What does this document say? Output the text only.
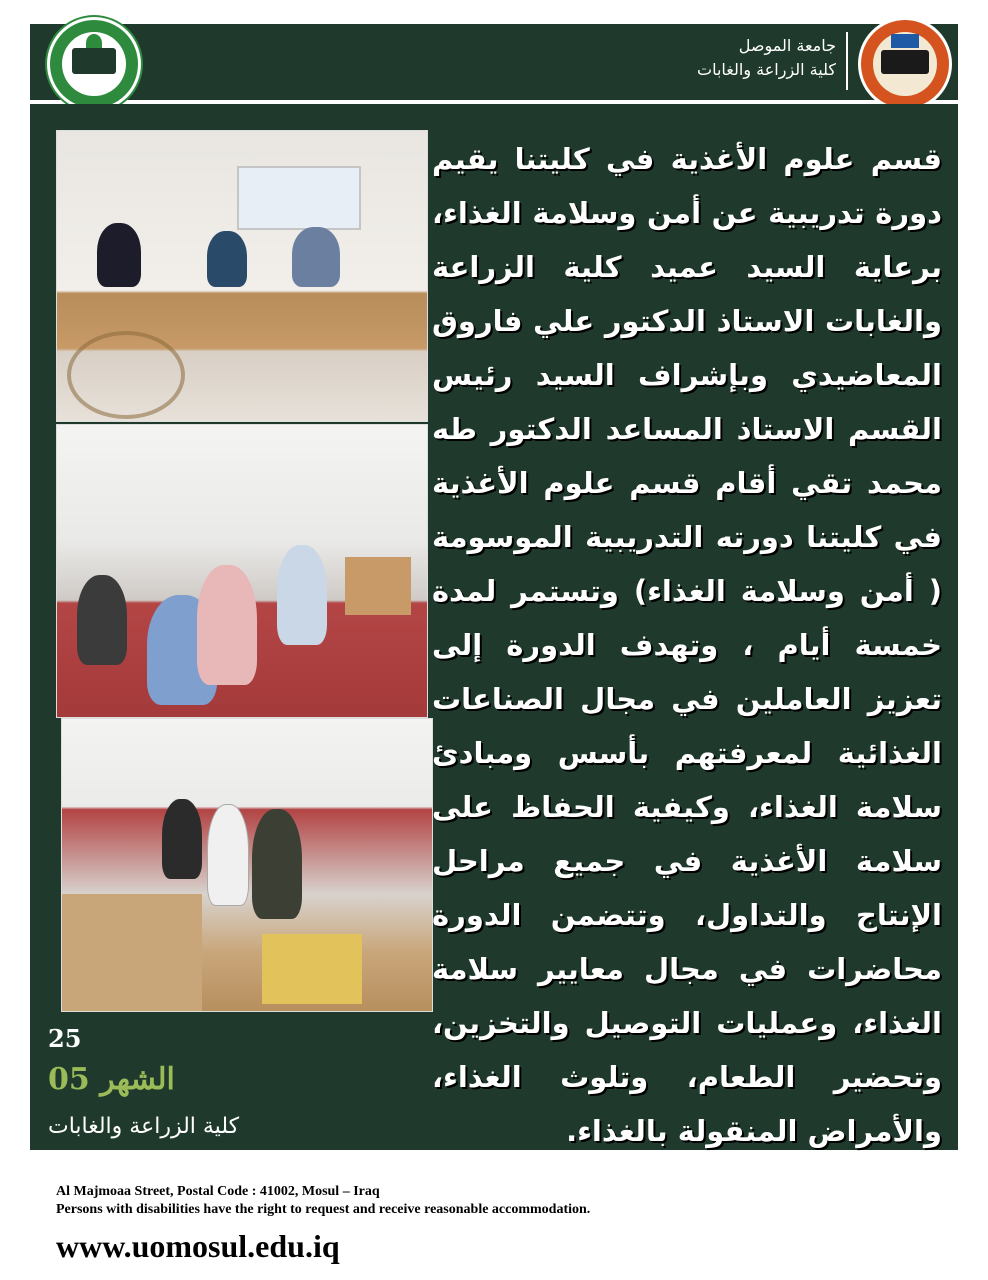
جامعة الموصل
كلية الزراعة والغابات
قسم علوم الأغذية في كليتنا يقيم دورة تدريبية عن أمن وسلامة الغذاء، برعاية السيد عميد كلية الزراعة والغابات الاستاذ الدكتور علي فاروق المعاضيدي وبإشراف السيد رئيس القسم الاستاذ المساعد الدكتور طه محمد تقي أقام قسم علوم الأغذية في كليتنا دورته التدريبية الموسومة ( أمن وسلامة الغذاء) وتستمر لمدة خمسة أيام ، وتهدف الدورة إلى تعزيز العاملين في مجال الصناعات الغذائية لمعرفتهم بأسس ومبادئ سلامة الغذاء، وكيفية الحفاظ على سلامة الأغذية في جميع مراحل الإنتاج والتداول، وتتضمن الدورة محاضرات في مجال معايير سلامة الغذاء، وعمليات التوصيل والتخزين، وتحضير الطعام، وتلوث الغذاء، والأمراض المنقولة بالغذاء.
25
الشهر 05
كلية الزراعة والغابات
Al Majmoaa Street, Postal Code : 41002, Mosul – Iraq
Persons with disabilities have the right to request and receive reasonable accommodation.
www.uomosul.edu.iq
